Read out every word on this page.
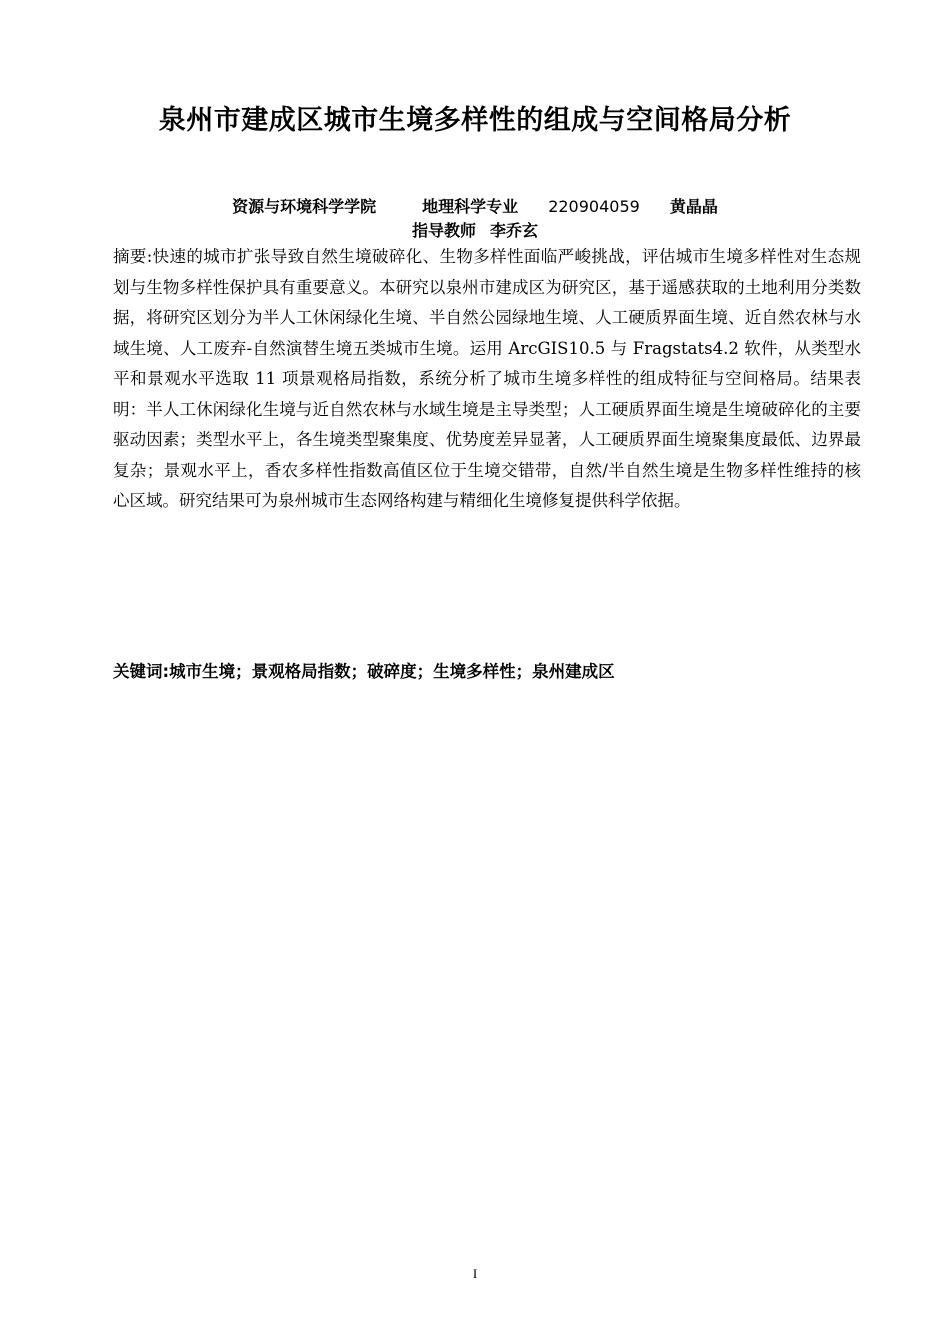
泉州市建成区城市生境多样性的组成与空间格局分析
资源与环境科学学院	地理科学专业 220904059 黄晶晶
指导教师 李乔玄
摘要:快速的城市扩张导致自然生境破碎化、生物多样性面临严峻挑战，评估城市生境多样性对生态规划与生物多样性保护具有重要意义。本研究以泉州市建成区为研究区，基于遥感获取的土地利用分类数据，将研究区划分为半人工休闲绿化生境、半自然公园绿地生境、人工硬质界面生境、近自然农林与水域生境、人工废弃-自然演替生境五类城市生境。运用 ArcGIS10.5 与 Fragstats4.2 软件，从类型水平和景观水平选取 11 项景观格局指数，系统分析了城市生境多样性的组成特征与空间格局。结果表明：半人工休闲绿化生境与近自然农林与水域生境是主导类型；人工硬质界面生境是生境破碎化的主要驱动因素；类型水平上，各生境类型聚集度、优势度差异显著，人工硬质界面生境聚集度最低、边界最复杂；景观水平上，香农多样性指数高值区位于生境交错带，自然/半自然生境是生物多样性维持的核心区域。研究结果可为泉州城市生态网络构建与精细化生境修复提供科学依据。
关键词:城市生境；景观格局指数；破碎度；生境多样性；泉州建成区
I
